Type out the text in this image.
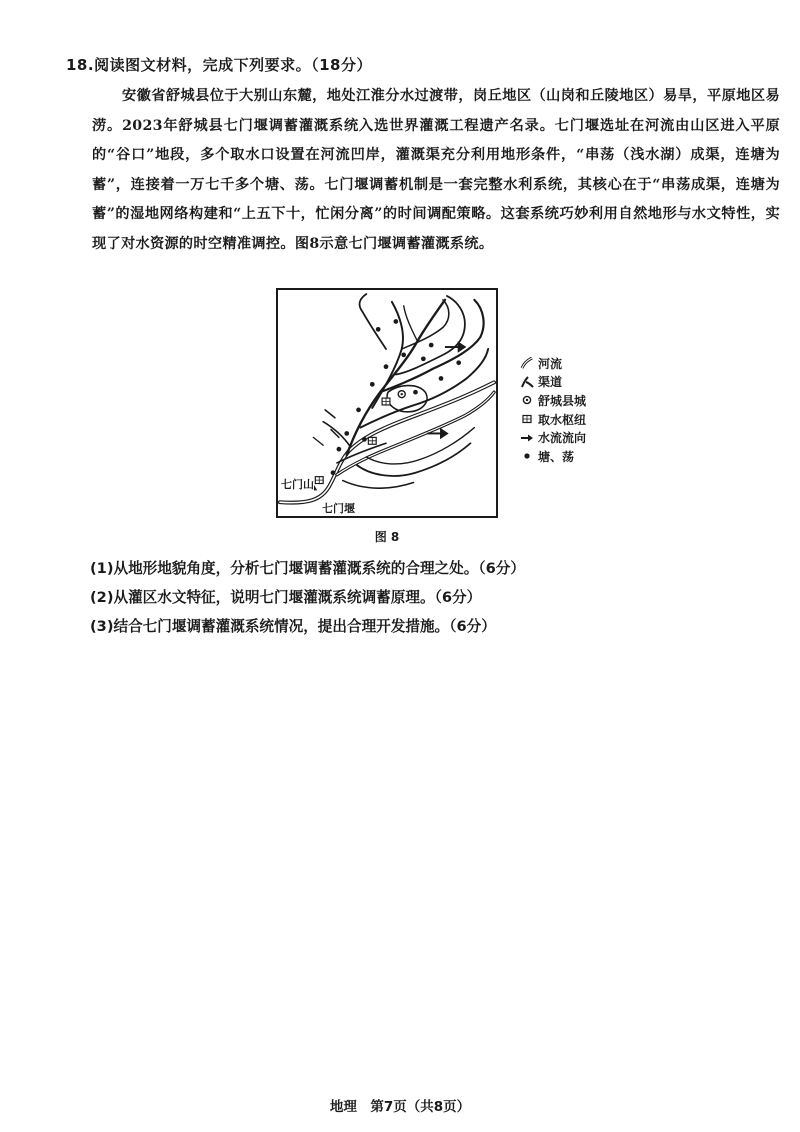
18.阅读图文材料，完成下列要求。（18分）

安徽省舒城县位于大别山东麓，地处江淮分水过渡带，岗丘地区（山岗和丘陵地区）易旱，平原地区易涝。2023年舒城县七门堰调蓄灌溉系统入选世界灌溉工程遗产名录。七门堰选址在河流由山区进入平原的“谷口”地段，多个取水口设置在河流凹岸，灌溉渠充分利用地形条件，“串荡（浅水湖）成渠，连塘为蓄”，连接着一万七千多个塘、荡。七门堰调蓄机制是一套完整水利系统，其核心在于“串荡成渠，连塘为蓄”的湿地网络构建和“上五下十，忙闲分离”的时间调配策略。这套系统巧妙利用自然地形与水文特性，实现了对水资源的时空精准调控。图8示意七门堰调蓄灌溉系统。

七门山
七门堰
河流
渠道
舒城县城
取水枢纽
水流流向
塘、荡
图 8
(1)从地形地貌角度，分析七门堰调蓄灌溉系统的合理之处。（6分）
(2)从灌区水文特征，说明七门堰灌溉系统调蓄原理。（6分）
(3)结合七门堰调蓄灌溉系统情况，提出合理开发措施。（6分）
地理　第7页（共8页）
